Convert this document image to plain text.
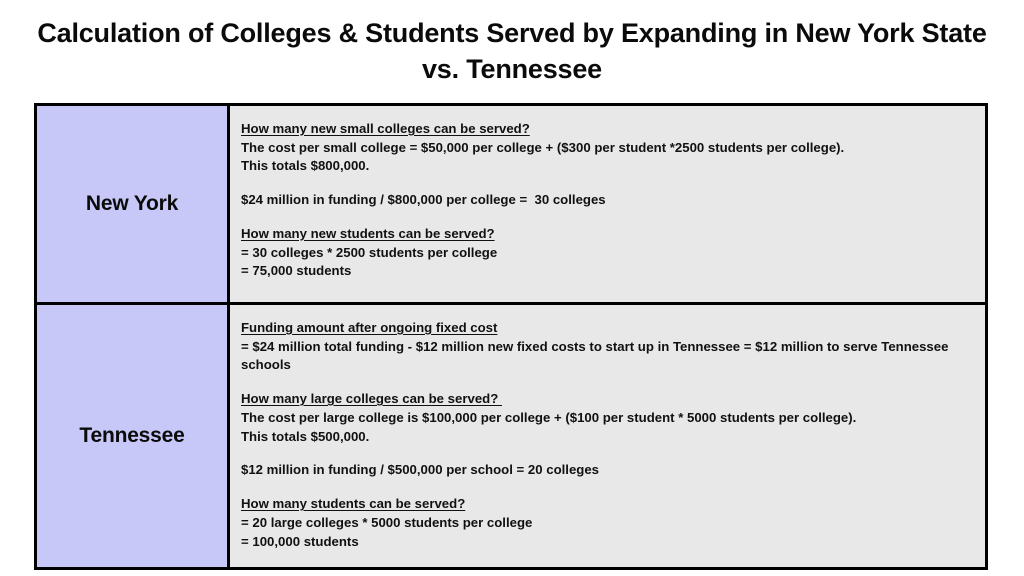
Calculation of Colleges & Students Served by Expanding in New York State vs. Tennessee
New York
How many new small colleges can be served?
The cost per small college = $50,000 per college + ($300 per student *2500 students per college).
This totals $800,000.
$24 million in funding / $800,000 per college =  30 colleges
How many new students can be served?
= 30 colleges * 2500 students per college
= 75,000 students
Tennessee
Funding amount after ongoing fixed cost
= $24 million total funding - $12 million new fixed costs to start up in Tennessee = $12 million to serve Tennessee schools
How many large colleges can be served?
The cost per large college is $100,000 per college + ($100 per student * 5000 students per college).
This totals $500,000.
$12 million in funding / $500,000 per school = 20 colleges
How many students can be served?
= 20 large colleges * 5000 students per college
= 100,000 students
